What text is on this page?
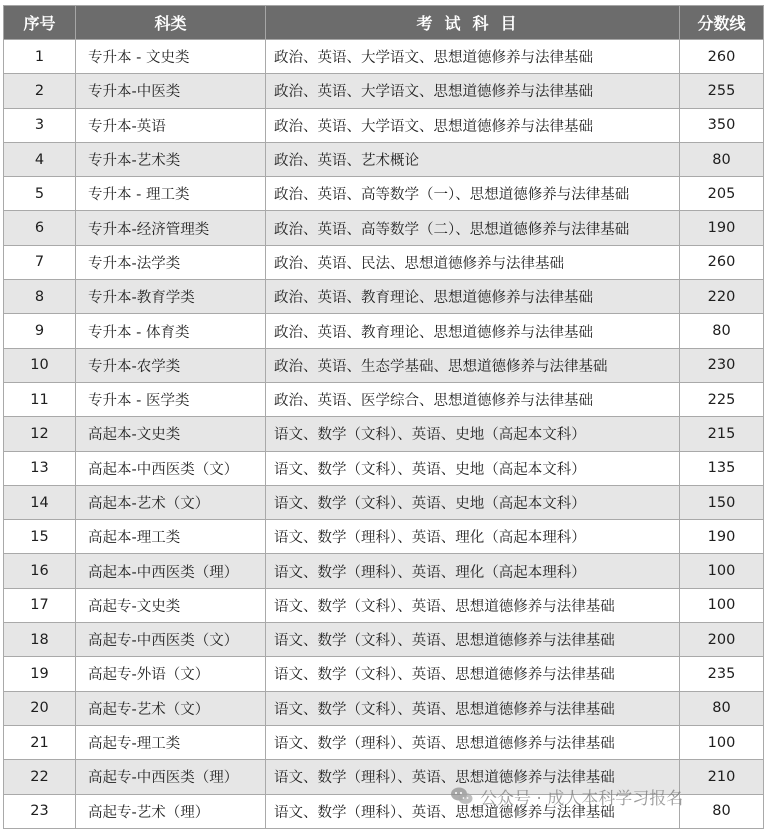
序号	科类	考试科目	分数线
1	专升本 - 文史类	政治、英语、大学语文、思想道德修养与法律基础	260
2	专升本-中医类	政治、英语、大学语文、思想道德修养与法律基础	255
3	专升本-英语	政治、英语、大学语文、思想道德修养与法律基础	350
4	专升本-艺术类	政治、英语、艺术概论	80
5	专升本 - 理工类	政治、英语、高等数学（一）、思想道德修养与法律基础	205
6	专升本-经济管理类	政治、英语、高等数学（二）、思想道德修养与法律基础	190
7	专升本-法学类	政治、英语、民法、思想道德修养与法律基础	260
8	专升本-教育学类	政治、英语、教育理论、思想道德修养与法律基础	220
9	专升本 - 体育类	政治、英语、教育理论、思想道德修养与法律基础	80
10	专升本-农学类	政治、英语、生态学基础、思想道德修养与法律基础	230
11	专升本 - 医学类	政治、英语、医学综合、思想道德修养与法律基础	225
12	高起本-文史类	语文、数学（文科）、英语、史地（高起本文科）	215
13	高起本-中西医类（文）	语文、数学（文科）、英语、史地（高起本文科）	135
14	高起本-艺术（文）	语文、数学（文科）、英语、史地（高起本文科）	150
15	高起本-理工类	语文、数学（理科）、英语、理化（高起本理科）	190
16	高起本-中西医类（理）	语文、数学（理科）、英语、理化（高起本理科）	100
17	高起专-文史类	语文、数学（文科）、英语、思想道德修养与法律基础	100
18	高起专-中西医类（文）	语文、数学（文科）、英语、思想道德修养与法律基础	200
19	高起专-外语（文）	语文、数学（文科）、英语、思想道德修养与法律基础	235
20	高起专-艺术（文）	语文、数学（文科）、英语、思想道德修养与法律基础	80
21	高起专-理工类	语文、数学（理科）、英语、思想道德修养与法律基础	100
22	高起专-中西医类（理）	语文、数学（理科）、英语、思想道德修养与法律基础	210
23	高起专-艺术（理）	语文、数学（理科）、英语、思想道德修养与法律基础	80
公众号 · 成人本科学习报名
